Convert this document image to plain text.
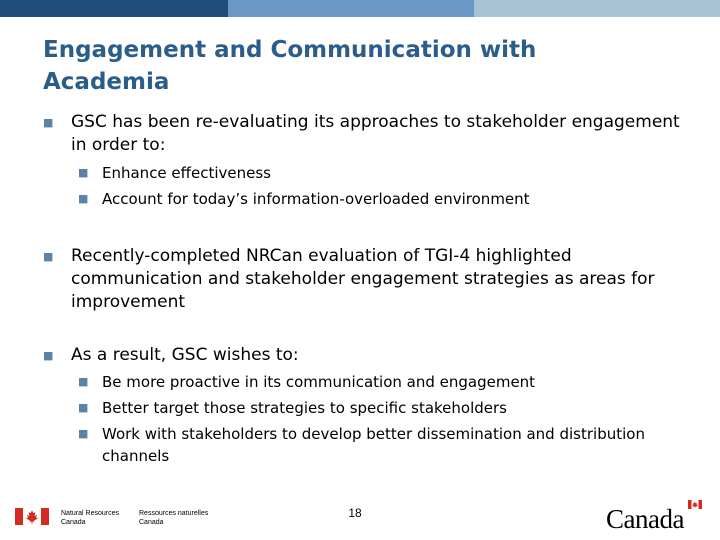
Engagement and Communication with Academia
■ GSC has been re-evaluating its approaches to stakeholder engagement in order to:
■ Enhance effectiveness
■ Account for today’s information-overloaded environment
■ Recently-completed NRCan evaluation of TGI-4 highlighted communication and stakeholder engagement strategies as areas for improvement
■ As a result, GSC wishes to:
■ Be more proactive in its communication and engagement
■ Better target those strategies to specific stakeholders
■ Work with stakeholders to develop better dissemination and distribution channels
Natural Resources
Canada
Ressources naturelles
Canada
18	Canada
